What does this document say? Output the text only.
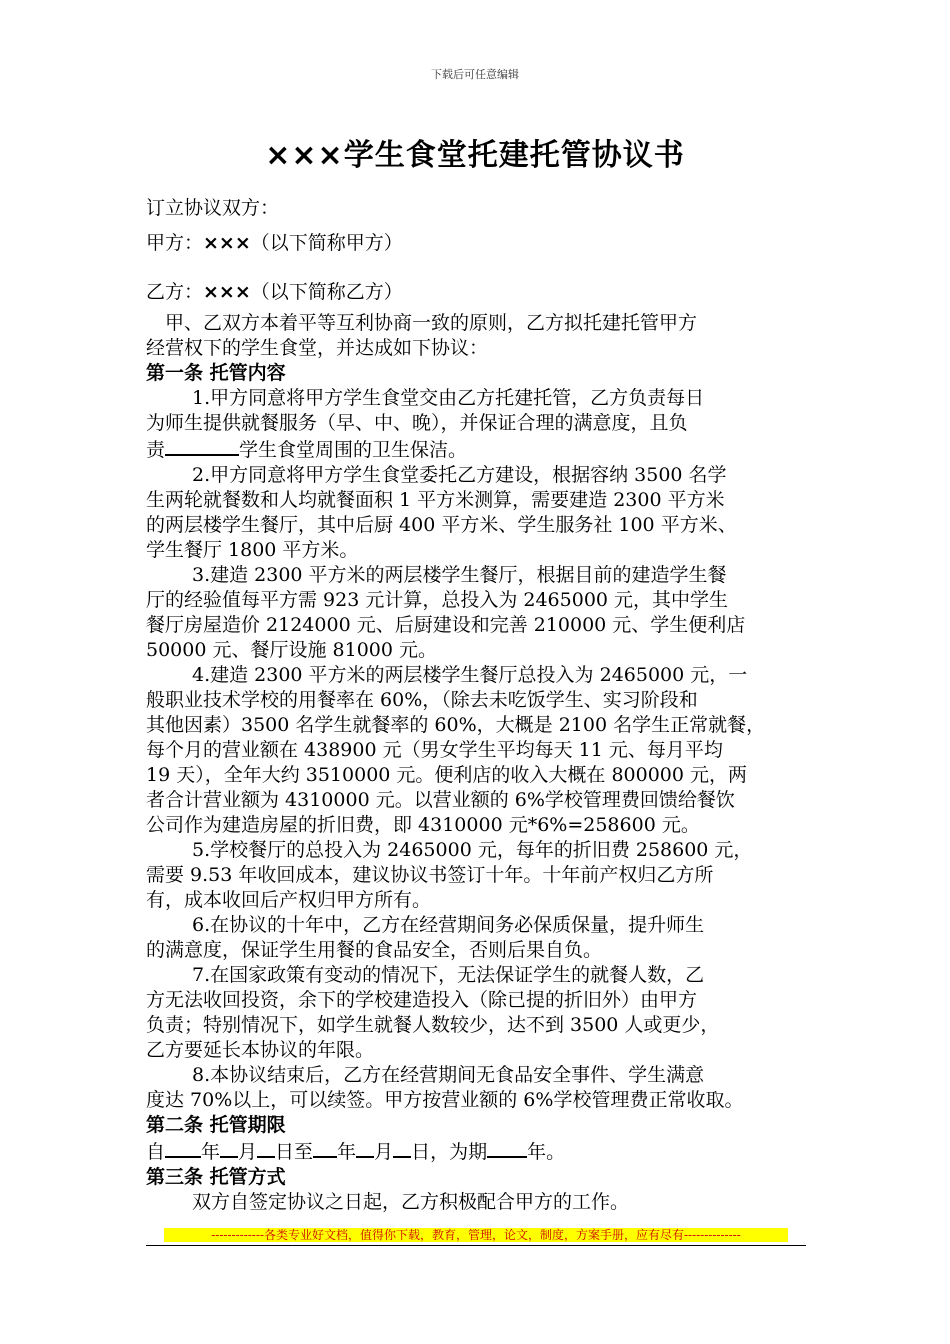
下载后可任意编辑
×××学生食堂托建托管协议书
订立协议双方：
甲方：×××（以下简称甲方）
乙方：×××（以下简称乙方）
甲、乙双方本着平等互利协商一致的原则，乙方拟托建托管甲方
经营权下的学生食堂，并达成如下协议：
第一条 托管内容
1.甲方同意将甲方学生食堂交由乙方托建托管，乙方负责每日
为师生提供就餐服务（早、中、晚），并保证合理的满意度，且负
责	学生食堂周围的卫生保洁。
2.甲方同意将甲方学生食堂委托乙方建设，根据容纳 3500 名学
生两轮就餐数和人均就餐面积 1 平方米测算，需要建造 2300 平方米
的两层楼学生餐厅，其中后厨 400 平方米、学生服务社 100 平方米、
学生餐厅 1800 平方米。
3.建造 2300 平方米的两层楼学生餐厅，根据目前的建造学生餐
厅的经验值每平方需 923 元计算，总投入为 2465000 元，其中学生
餐厅房屋造价 2124000 元、后厨建设和完善 210000 元、学生便利店
50000 元、餐厅设施 81000 元。
4.建造 2300 平方米的两层楼学生餐厅总投入为 2465000 元，一
般职业技术学校的用餐率在 60%，（除去未吃饭学生、实习阶段和
其他因素）3500 名学生就餐率的 60%，大概是 2100 名学生正常就餐，
每个月的营业额在 438900 元（男女学生平均每天 11 元、每月平均
19 天），全年大约 3510000 元。便利店的收入大概在 800000 元，两
者合计营业额为 4310000 元。以营业额的 6%学校管理费回馈给餐饮
公司作为建造房屋的折旧费，即 4310000 元*6%=258600 元。
5.学校餐厅的总投入为 2465000 元，每年的折旧费 258600 元，
需要 9.53 年收回成本，建议协议书签订十年。十年前产权归乙方所
有，成本收回后产权归甲方所有。
6.在协议的十年中，乙方在经营期间务必保质保量，提升师生
的满意度，保证学生用餐的食品安全，否则后果自负。
7.在国家政策有变动的情况下，无法保证学生的就餐人数，乙
方无法收回投资，余下的学校建造投入（除已提的折旧外）由甲方
负责；特别情况下，如学生就餐人数较少，达不到 3500 人或更少，
乙方要延长本协议的年限。
8.本协议结束后，乙方在经营期间无食品安全事件、学生满意
度达 70%以上，可以续签。甲方按营业额的 6%学校管理费正常收取。
第二条 托管期限
自 年 月 日至 年 月 日，为期 年。
第三条 托管方式
双方自签定协议之日起，乙方积极配合甲方的工作。
-------------各类专业好文档，值得你下载，教育，管理，论文，制度，方案手册，应有尽有--------------
